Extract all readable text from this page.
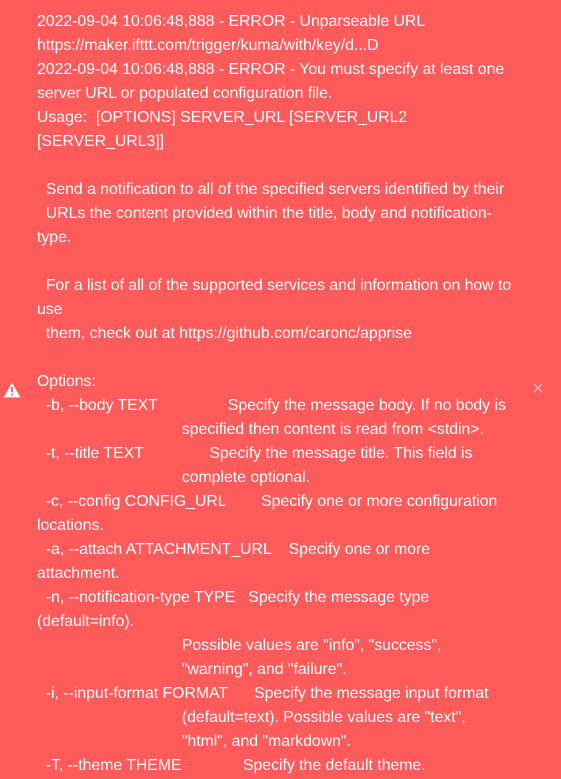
×
2022-09-04 10:06:48,888 - ERROR - Unparseable URL
https://maker.ifttt.com/trigger/kuma/with/key/d...D
2022-09-04 10:06:48,888 - ERROR - You must specify at least one server URL or populated configuration file.
Usage:  [OPTIONS] SERVER_URL [SERVER_URL2 [SERVER_URL3]]

Send a notification to all of the specified servers identified by their
URLs the content provided within the title, body and notification-
type.

For a list of all of the supported services and information on how to
use
them, check out at https://github.com/caronc/apprise

Options:
-b, --body TEXT                Specify the message body. If no body is
specified then content is read from <stdin>.
-t, --title TEXT               Specify the message title. This field is
complete optional.
-c, --config CONFIG_URL        Specify one or more configuration
locations.
-a, --attach ATTACHMENT_URL    Specify one or more
attachment.
-n, --notification-type TYPE   Specify the message type
(default=info).
Possible values are "info", "success",
"warning", and "failure".
-i, --input-format FORMAT      Specify the message input format
(default=text). Possible values are "text",
"html", and "markdown".
-T, --theme THEME              Specify the default theme.
